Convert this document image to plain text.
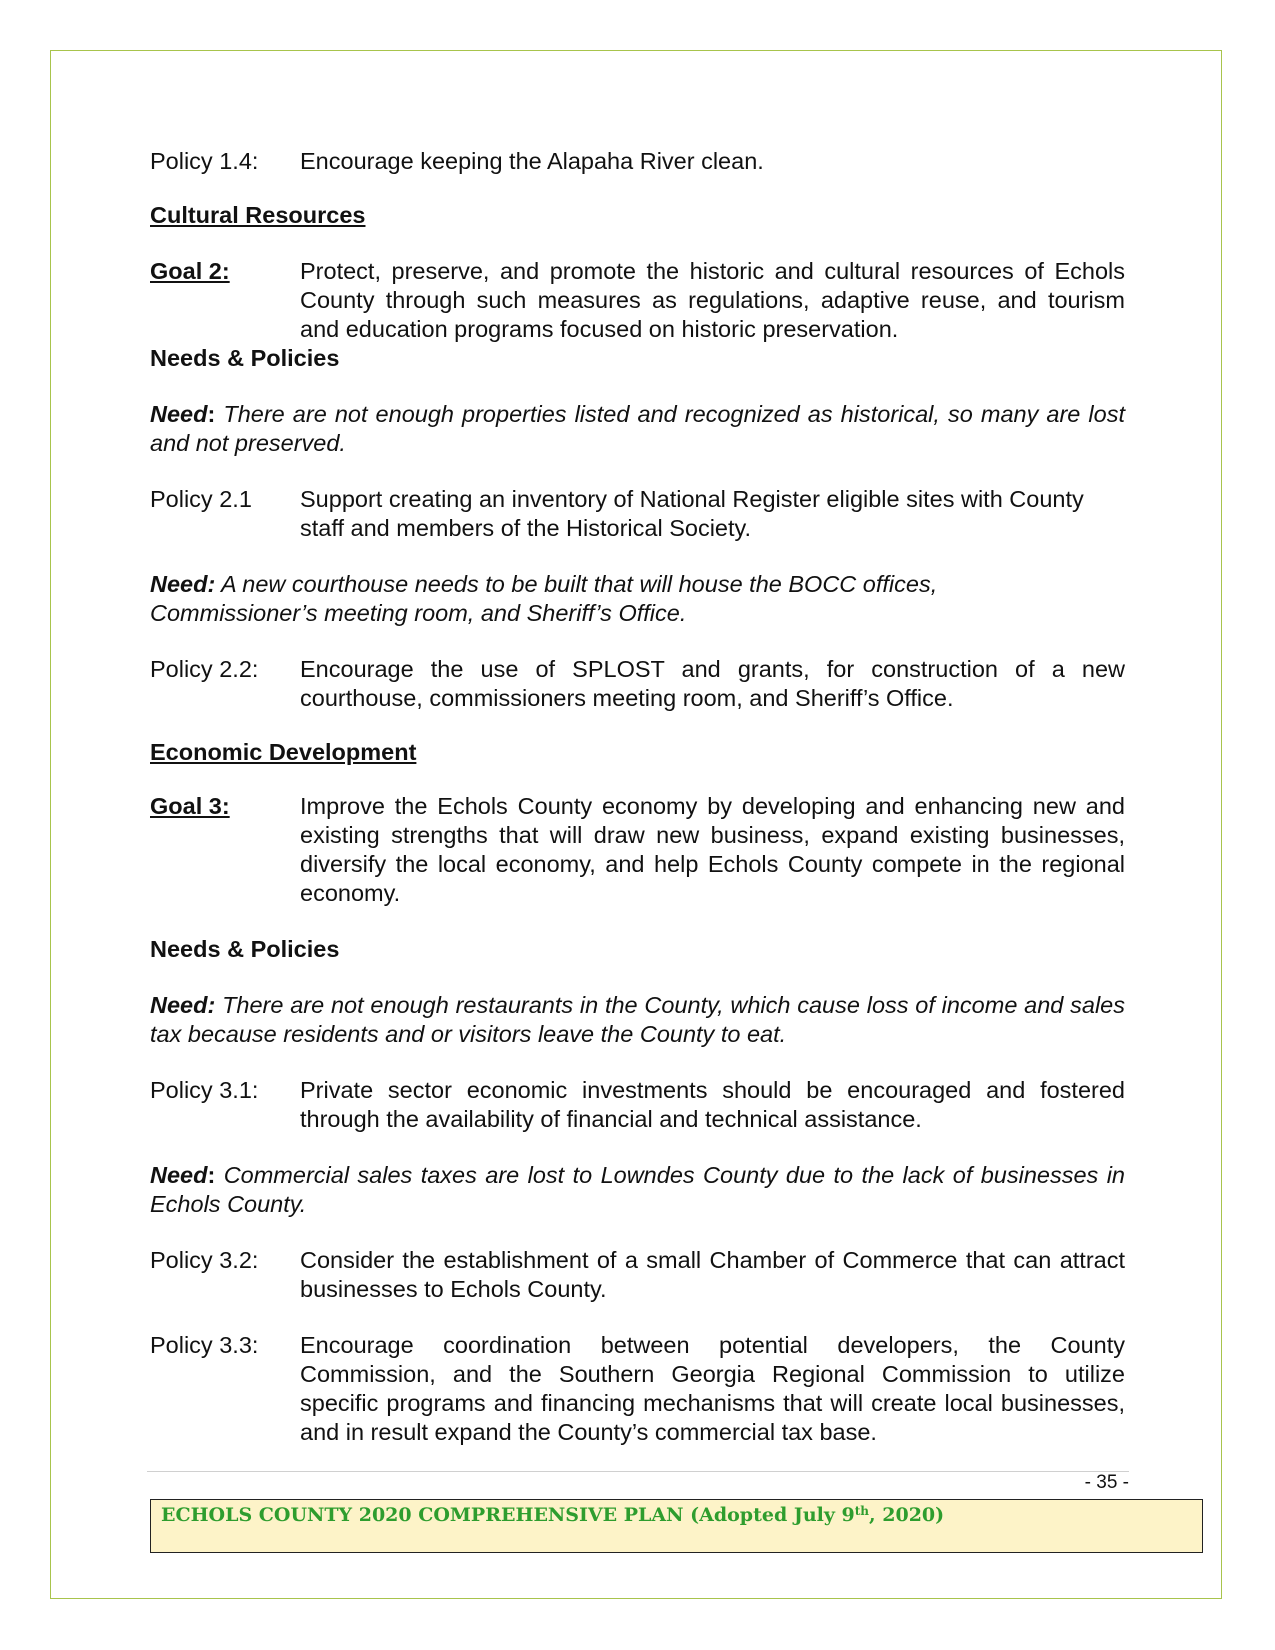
Policy 1.4:	Encourage keeping the Alapaha River clean.
Cultural Resources
Goal 2:	Protect, preserve, and promote the historic and cultural resources of Echols County through such measures as regulations, adaptive reuse, and tourism and education programs focused on historic preservation.
Needs & Policies
Need: There are not enough properties listed and recognized as historical, so many are lost and not preserved.
Policy 2.1	Support creating an inventory of National Register eligible sites with County staff and members of the Historical Society.
Need: A new courthouse needs to be built that will house the BOCC offices, Commissioner’s meeting room, and Sheriff’s Office.
Policy 2.2:	Encourage the use of SPLOST and grants, for construction of a new courthouse, commissioners meeting room, and Sheriff’s Office.
Economic Development
Goal 3:	Improve the Echols County economy by developing and enhancing new and existing strengths that will draw new business, expand existing businesses, diversify the local economy, and help Echols County compete in the regional economy.
Needs & Policies
Need: There are not enough restaurants in the County, which cause loss of income and sales tax because residents and or visitors leave the County to eat.
Policy 3.1:	Private sector economic investments should be encouraged and fostered through the availability of financial and technical assistance.
Need: Commercial sales taxes are lost to Lowndes County due to the lack of businesses in Echols County.
Policy 3.2:	Consider the establishment of a small Chamber of Commerce that can attract businesses to Echols County.
Policy 3.3:	Encourage coordination between potential developers, the County Commission, and the Southern Georgia Regional Commission to utilize specific programs and financing mechanisms that will create local businesses, and in result expand the County’s commercial tax base.
- 35 -
ECHOLS COUNTY 2020 COMPREHENSIVE PLAN (Adopted July 9th, 2020)
